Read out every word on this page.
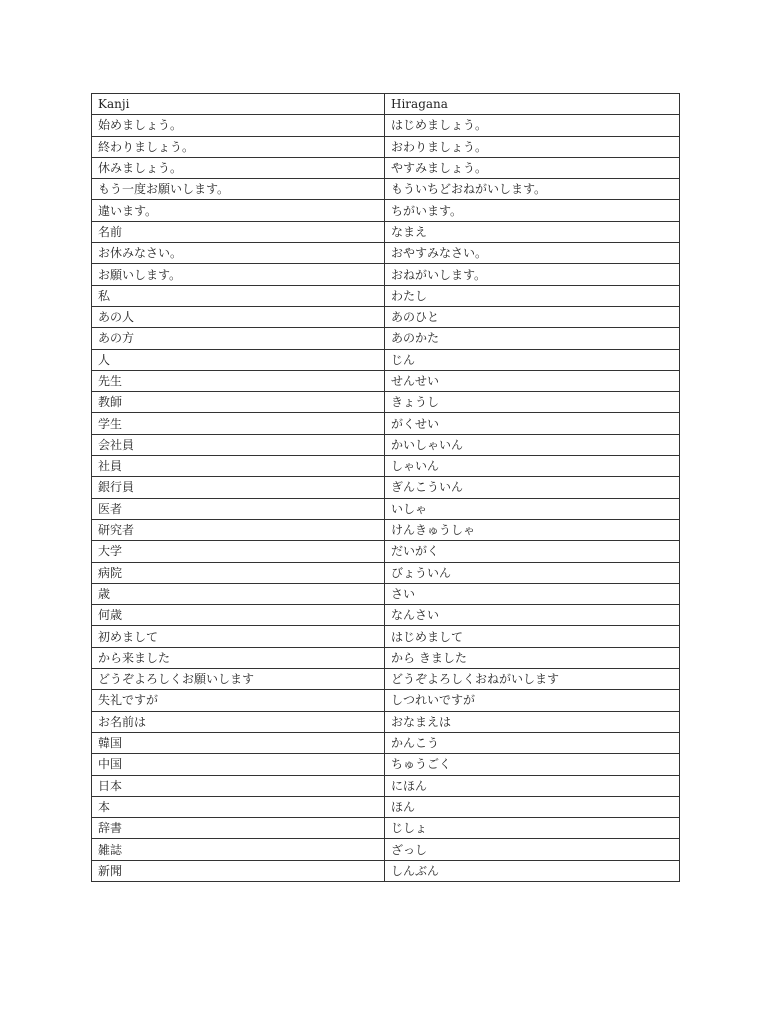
Kanji	Hiragana
始めましょう。	はじめましょう。
終わりましょう。	おわりましょう。
休みましょう。	やすみましょう。
もう一度お願いします。	もういちどおねがいします。
違います。	ちがいます。
名前	なまえ
お休みなさい。	おやすみなさい。
お願いします。	おねがいします。
私	わたし
あの人	あのひと
あの方	あのかた
人	じん
先生	せんせい
教師	きょうし
学生	がくせい
会社員	かいしゃいん
社員	しゃいん
銀行員	ぎんこういん
医者	いしゃ
研究者	けんきゅうしゃ
大学	だいがく
病院	びょういん
歳	さい
何歳	なんさい
初めまして	はじめまして
から来ました	から きました
どうぞよろしくお願いします	どうぞよろしくおねがいします
失礼ですが	しつれいですが
お名前は	おなまえは
韓国	かんこう
中国	ちゅうごく
日本	にほん
本	ほん
辞書	じしょ
雑誌	ざっし
新聞	しんぶん
